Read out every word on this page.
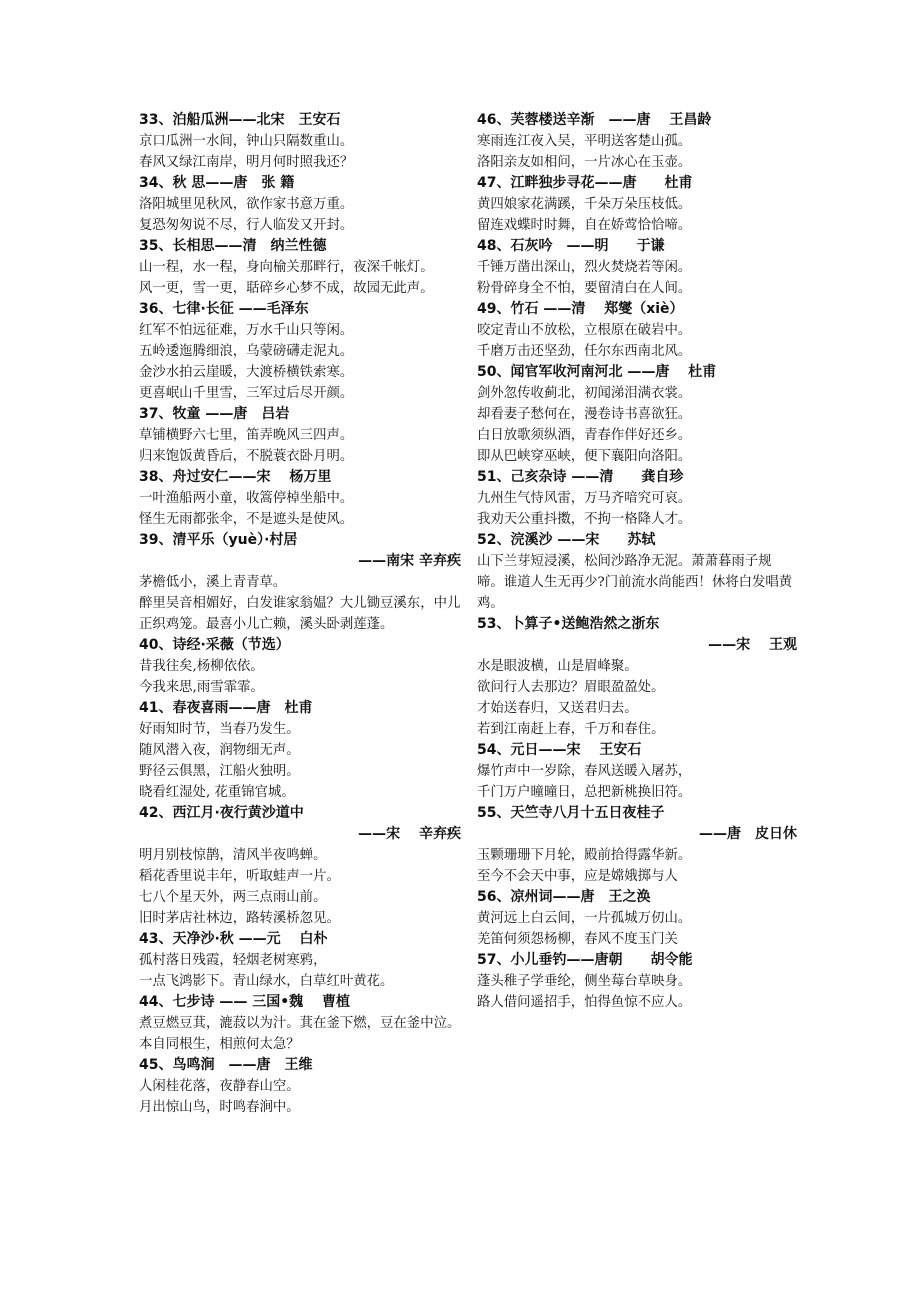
33、泊船瓜洲——北宋　王安石
京口瓜洲一水间，钟山只隔数重山。
春风又绿江南岸，明月何时照我还？
34、秋 思——唐　张 籍
洛阳城里见秋风，欲作家书意万重。
复恐匆匆说不尽，行人临发又开封。
35、长相思——清　纳兰性德
山一程，水一程，身向榆关那畔行，夜深千帐灯。　　风一更，雪一更，聒碎乡心梦不成，故园无此声。
36、七律·长征 ——毛泽东
红军不怕远征难，万水千山只等闲。
五岭逶迤腾细浪，乌蒙磅礴走泥丸。
金沙水拍云崖暖，大渡桥横铁索寒。
更喜岷山千里雪，三军过后尽开颜。
37、牧童 ——唐　吕岩
草铺横野六七里，笛弄晚风三四声。
归来饱饭黄昏后，不脱蓑衣卧月明。
38、舟过安仁——宋　 杨万里
一叶渔船两小童，收篙停棹坐船中。
怪生无雨都张伞，不是遮头是使风。
39、清平乐（yuè）·村居
——南宋 辛弃疾
茅檐低小，溪上青青草。
醉里吴音相媚好，白发谁家翁媪？大儿锄豆溪东，中儿正织鸡笼。最喜小儿亡赖，溪头卧剥莲蓬。
40、诗经·采薇（节选）
昔我往矣,杨柳依依。
今我来思,雨雪霏霏。
41、春夜喜雨——唐　杜甫
好雨知时节，当春乃发生。
随风潜入夜，润物细无声。
野径云俱黑，江船火独明。
晓看红湿处, 花重锦官城。
42、西江月·夜行黄沙道中
——宋　 辛弃疾
明月别枝惊鹊，清风半夜鸣蝉。
稻花香里说丰年，听取蛙声一片。
七八个星天外，两三点雨山前。
旧时茅店社林边，路转溪桥忽见。
43、天净沙·秋 ——元　 白朴
孤村落日残霞，轻烟老树寒鸦，
一点飞鸿影下。青山绿水，白草红叶黄花。
44、七步诗 —— 三国•魏　 曹植
煮豆燃豆萁，漉菽以为汁。萁在釜下燃，豆在釜中泣。本自同根生，相煎何太急？
45、鸟鸣涧　——唐　王维
人闲桂花落，夜静春山空。
月出惊山鸟，时鸣春涧中。
46、芙蓉楼送辛渐　——唐　 王昌龄
寒雨连江夜入吴，平明送客楚山孤。
洛阳亲友如相问，一片冰心在玉壶。
47、江畔独步寻花——唐　　杜甫
黄四娘家花满蹊，千朵万朵压枝低。
留连戏蝶时时舞，自在娇莺恰恰啼。
48、石灰吟　——明　　于谦
千锤万凿出深山，烈火焚烧若等闲。
粉骨碎身全不怕，要留清白在人间。
49、竹石 ——清　 郑燮（xiè）
咬定青山不放松，立根原在破岩中。
千磨万击还坚劲，任尔东西南北风。
50、闻官军收河南河北 ——唐　 杜甫
剑外忽传收蓟北，初闻涕泪满衣裳。
却看妻子愁何在，漫卷诗书喜欲狂。
白日放歌须纵酒，青春作伴好还乡。
即从巴峡穿巫峡，便下襄阳向洛阳。
51、己亥杂诗 ——清　　龚自珍
九州生气恃风雷，万马齐喑究可哀。
我劝天公重抖擞，不拘一格降人才。
52、浣溪沙 ——宋　　苏轼
山下兰芽短浸溪，松间沙路净无泥。萧萧暮雨子规啼。谁道人生无再少?门前流水尚能西！休将白发唱黄鸡。
53、卜算子•送鲍浩然之浙东
——宋　 王观
水是眼波横，山是眉峰聚。
欲问行人去那边？眉眼盈盈处。
才始送春归，又送君归去。
若到江南赶上春，千万和春住。
54、元日——宋　 王安石
爆竹声中一岁除，春风送暖入屠苏，
千门万户曈曈日，总把新桃换旧符。
55、天竺寺八月十五日夜桂子
——唐　皮日休
玉颗珊珊下月轮，殿前拾得露华新。
至今不会天中事，应是嫦娥掷与人
56、凉州词——唐　王之涣
黄河远上白云间，一片孤城万仞山。
羌笛何须怨杨柳，春风不度玉门关
57、小儿垂钓——唐朝　　胡令能
蓬头稚子学垂纶，侧坐莓台草映身。
路人借问遥招手，怕得鱼惊不应人。
